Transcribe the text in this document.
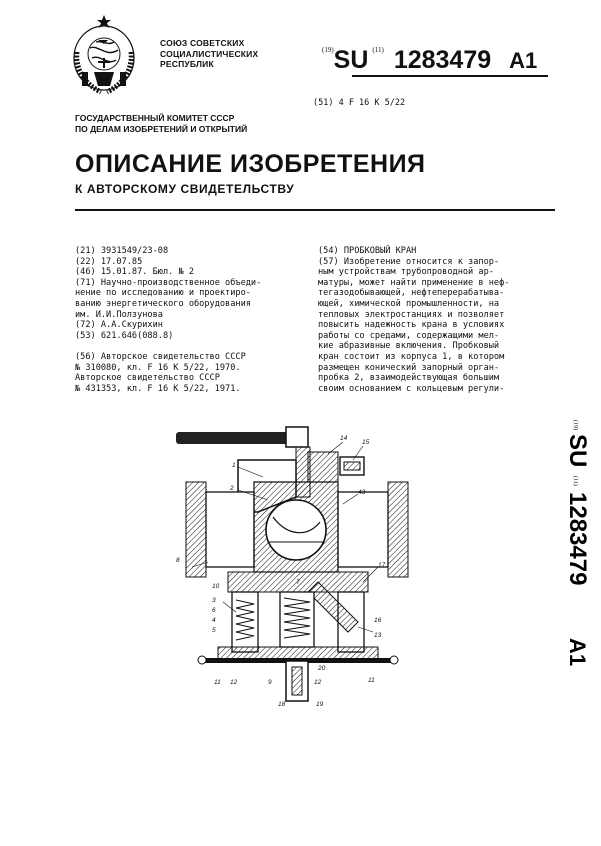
СОЮЗ СОВЕТСКИХ
СОЦИАЛИСТИЧЕСКИХ
РЕСПУБЛИК
$^{(19)}$SU $^{(11)}$ 1283479 A1
(51) 4 F 16 K 5/22
ГОСУДАРСТВЕННЫЙ КОМИТЕТ СССР
ПО ДЕЛАМ ИЗОБРЕТЕНИЙ И ОТКРЫТИЙ
ОПИСАНИЕ ИЗОБРЕТЕНИЯ
К АВТОРСКОМУ СВИДЕТЕЛЬСТВУ
(21) 3931549/23-08
(22) 17.07.85
(46) 15.01.87. Бюл. № 2
(71) Научно-производственное объеди-
нение по исследованию и проектиро-
ванию энергетического оборудования
им. И.И.Ползунова
(72) А.А.Скурихин
(53) 621.646(088.8)

(56) Авторское свидетельство СССР
№ 310080, кл. F 16 K 5/22, 1970.
Авторское свидетельство СССР
№ 431353, кл. F 16 K 5/22, 1971.
(54) ПРОБКОВЫЙ КРАН
(57) Изобретение относится к запор-
ным устройствам трубопроводной ар-
матуры, может найти применение в неф-
тегазодобывающей, нефтеперерабатыва-
ющей, химической промышленности, на
тепловых электростанциях и позволяет
повысить надежность крана в условиях
работы со средами, содержащими мел-
кие абразивные включения. Пробковый
кран состоит из корпуса 1, в котором
размещен конический запорный орган-
пробка 2, взаимодействующая большим
своим основанием с кольцевым регули-
(19)
SU
(11)
1283479
A1
1
2
14
15
43
8
7
17
10
3
6
4
5
16
13
11
11 12	9	12
20
18	19
